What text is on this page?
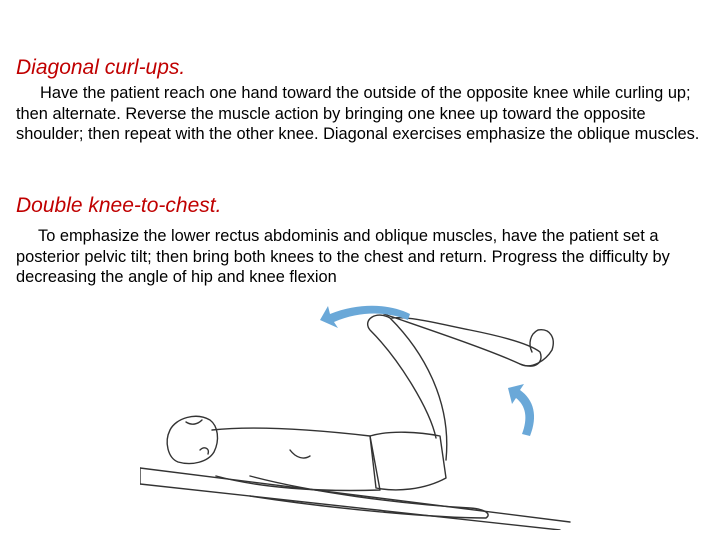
Diagonal curl-ups.

Have the patient reach one hand toward the outside of the opposite knee while curling up; then alternate. Reverse the muscle action by bringing one knee up toward the opposite shoulder; then repeat with the other knee. Diagonal exercises emphasize the oblique muscles.

Double knee-to-chest.

To emphasize the lower rectus abdominis and oblique muscles, have the patient set a posterior pelvic tilt; then bring both knees to the chest and return. Progress the difficulty by decreasing the angle of hip and knee flexion
